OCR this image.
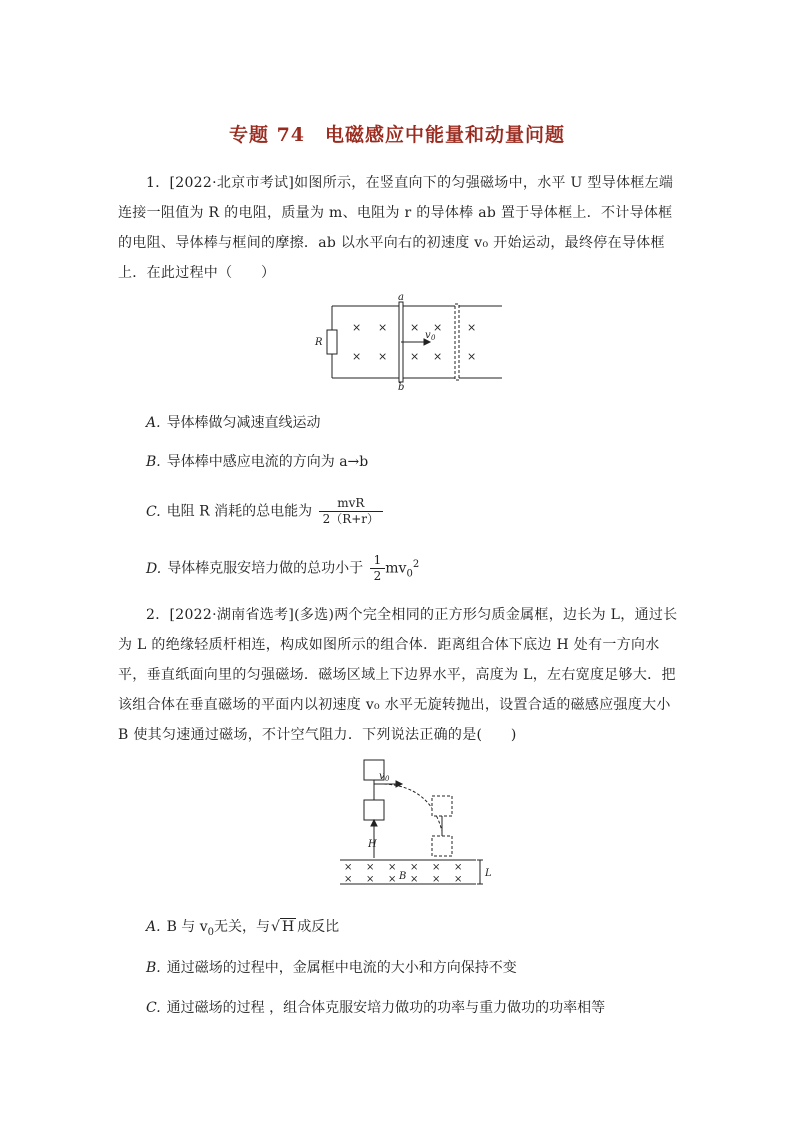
专题 74　电磁感应中能量和动量问题
1．[2022·北京市考试]如图所示，在竖直向下的匀强磁场中，水平 U 型导体框左端连接一阻值为 R 的电阻，质量为 m、电阻为 r 的导体棒 ab 置于导体框上．不计导体框的电阻、导体棒与框间的摩擦．ab 以水平向右的初速度 v₀ 开始运动，最终停在导体框上．在此过程中（　　）
R
a
b
v 0
× × × × ×
× × × × ×
A. 导体棒做匀减速直线运动
B. 导体棒中感应电流的方向为 a→b
C. 电阻 R 消耗的总电能为 $\frac{\text{mvR}}{2(R+r)}$
D. 导体棒克服安培力做的总功小于 $\frac{1}{2} mv_0^2$
2．[2022·湖南省选考](多选)两个完全相同的正方形匀质金属框，边长为 L，通过长为 L 的绝缘轻质杆相连，构成如图所示的组合体．距离组合体下底边 H 处有一方向水平，垂直纸面向里的匀强磁场．磁场区域上下边界水平，高度为 L，左右宽度足够大．把该组合体在垂直磁场的平面内以初速度 v₀ 水平无旋转抛出，设置合适的磁感应强度大小 B 使其匀速通过磁场，不计空气阻力．下列说法正确的是(　　)
v 0
H
B	L
× × × × × ×
× × × × × ×
A. B 与 $v_0$无关，与√ H 成反比
B. 通过磁场的过程中，金属框中电流的大小和方向保持不变
C. 通过磁场的过程 ，组合体克服安培力做功的功率与重力做功的功率相等
